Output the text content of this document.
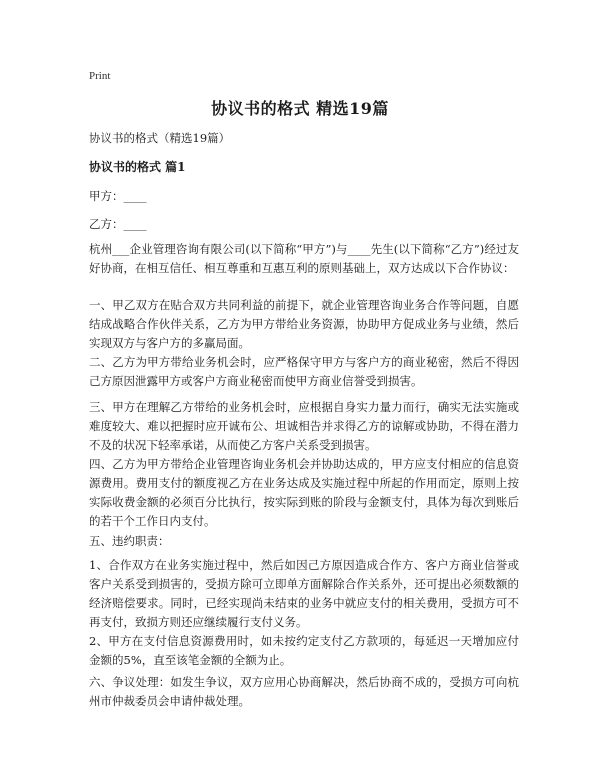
Print
协议书的格式 精选19篇
协议书的格式（精选19篇）
协议书的格式 篇1
甲方：____
乙方：____

杭州___企业管理咨询有限公司(以下简称“甲方”)与____先生(以下简称“乙方”)经过友好协商，在相互信任、相互尊重和互惠互利的原则基础上，双方达成以下合作协议：

一、甲乙双方在贴合双方共同利益的前提下，就企业管理咨询业务合作等问题，自愿结成战略合作伙伴关系，乙方为甲方带给业务资源，协助甲方促成业务与业绩，然后实现双方与客户方的多赢局面。

二、乙方为甲方带给业务机会时，应严格保守甲方与客户方的商业秘密，然后不得因己方原因泄露甲方或客户方商业秘密而使甲方商业信誉受到损害。

三、甲方在理解乙方带给的业务机会时，应根据自身实力量力而行，确实无法实施或难度较大、难以把握时应开诚布公、坦诚相告并求得乙方的谅解或协助，不得在潜力不及的状况下轻率承诺，从而使乙方客户关系受到损害。

四、乙方为甲方带给企业管理咨询业务机会并协助达成的，甲方应支付相应的信息资源费用。费用支付的额度视乙方在业务达成及实施过程中所起的作用而定，原则上按实际收费金额的必须百分比执行，按实际到账的阶段与金额支付，具体为每次到账后的若干个工作日内支付。

五、违约职责：

1、合作双方在业务实施过程中，然后如因己方原因造成合作方、客户方商业信誉或客户关系受到损害的，受损方除可立即单方面解除合作关系外，还可提出必须数额的经济赔偿要求。同时，已经实现尚未结束的业务中就应支付的相关费用，受损方可不再支付，致损方则还应继续履行支付义务。

2、甲方在支付信息资源费用时，如未按约定支付乙方款项的，每延迟一天增加应付金额的5%，直至该笔金额的全额为止。

六、争议处理：如发生争议，双方应用心协商解决，然后协商不成的，受损方可向杭州市仲裁委员会申请仲裁处理。
